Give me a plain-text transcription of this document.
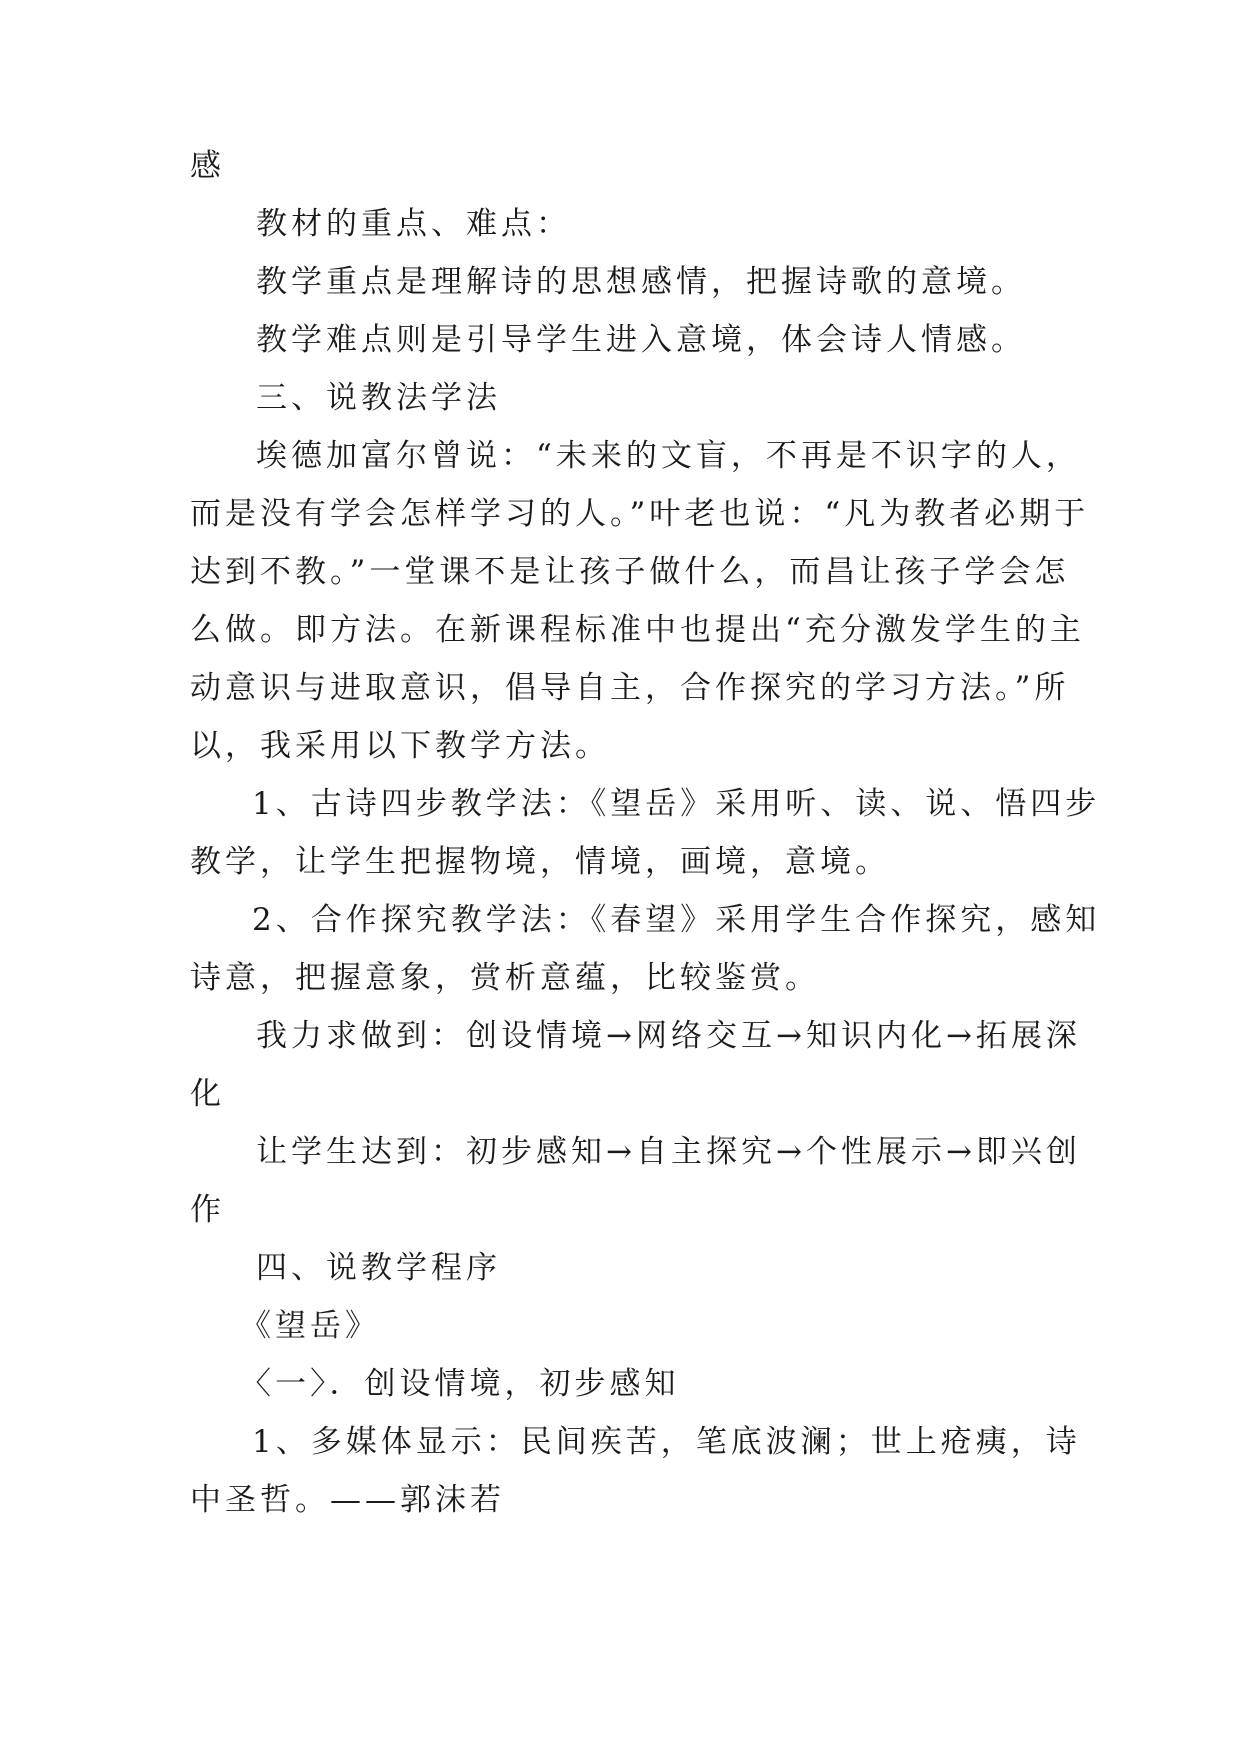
感
教材的重点、难点：
教学重点是理解诗的思想感情，把握诗歌的意境。
教学难点则是引导学生进入意境，体会诗人情感。
三、说教法学法
埃德加富尔曾说：“未来的文盲，不再是不识字的人，
而是没有学会怎样学习的人。”叶老也说：“凡为教者必期于
达到不教。”一堂课不是让孩子做什么，而昌让孩子学会怎
么做。即方法。在新课程标准中也提出“充分激发学生的主
动意识与进取意识，倡导自主，合作探究的学习方法。”所
以，我采用以下教学方法。
1、古诗四步教学法：《望岳》采用听、读、说、悟四步
教学，让学生把握物境，情境，画境，意境。
2、合作探究教学法：《春望》采用学生合作探究，感知
诗意，把握意象，赏析意蕴，比较鉴赏。
我力求做到：创设情境→网络交互→知识内化→拓展深
化
让学生达到：初步感知→自主探究→个性展示→即兴创
作
四、说教学程序
《望岳》
〈一〉．创设情境，初步感知
1、多媒体显示：民间疾苦，笔底波澜；世上疮痍，诗
中圣哲。——郭沫若
